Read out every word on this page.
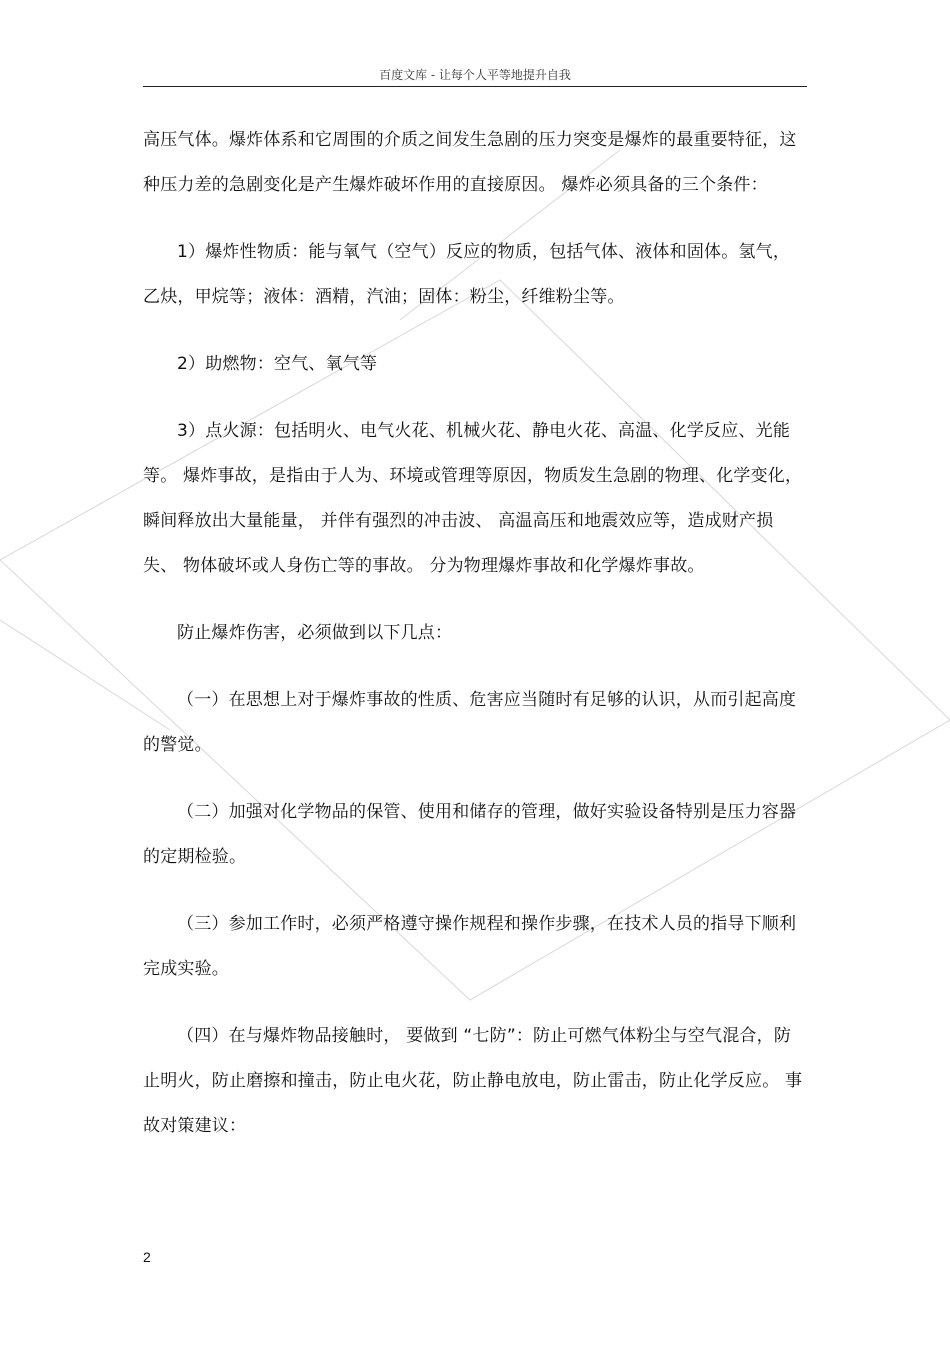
百度文库 - 让每个人平等地提升自我

高压气体。爆炸体系和它周围的介质之间发生急剧的压力突变是爆炸的最重要特征，这种压力差的急剧变化是产生爆炸破坏作用的直接原因。 爆炸必须具备的三个条件：

1）爆炸性物质：能与氧气（空气）反应的物质，包括气体、液体和固体。氢气，乙炔，甲烷等；液体：酒精，汽油；固体：粉尘，纤维粉尘等。

2）助燃物：空气、氧气等

3）点火源：包括明火、电气火花、机械火花、静电火花、高温、化学反应、光能等。 爆炸事故，是指由于人为、环境或管理等原因，物质发生急剧的物理、化学变化，瞬间释放出大量能量， 并伴有强烈的冲击波、 高温高压和地震效应等，造成财产损失、 物体破坏或人身伤亡等的事故。 分为物理爆炸事故和化学爆炸事故。

防止爆炸伤害，必须做到以下几点：

（一）在思想上对于爆炸事故的性质、危害应当随时有足够的认识，从而引起高度的警觉。

（二）加强对化学物品的保管、使用和储存的管理，做好实验设备特别是压力容器的定期检验。

（三）参加工作时，必须严格遵守操作规程和操作步骤，在技术人员的指导下顺利完成实验。

（四）在与爆炸物品接触时， 要做到 “七防”：防止可燃气体粉尘与空气混合，防止明火，防止磨擦和撞击，防止电火花，防止静电放电，防止雷击，防止化学反应。 事故对策建议：

2
